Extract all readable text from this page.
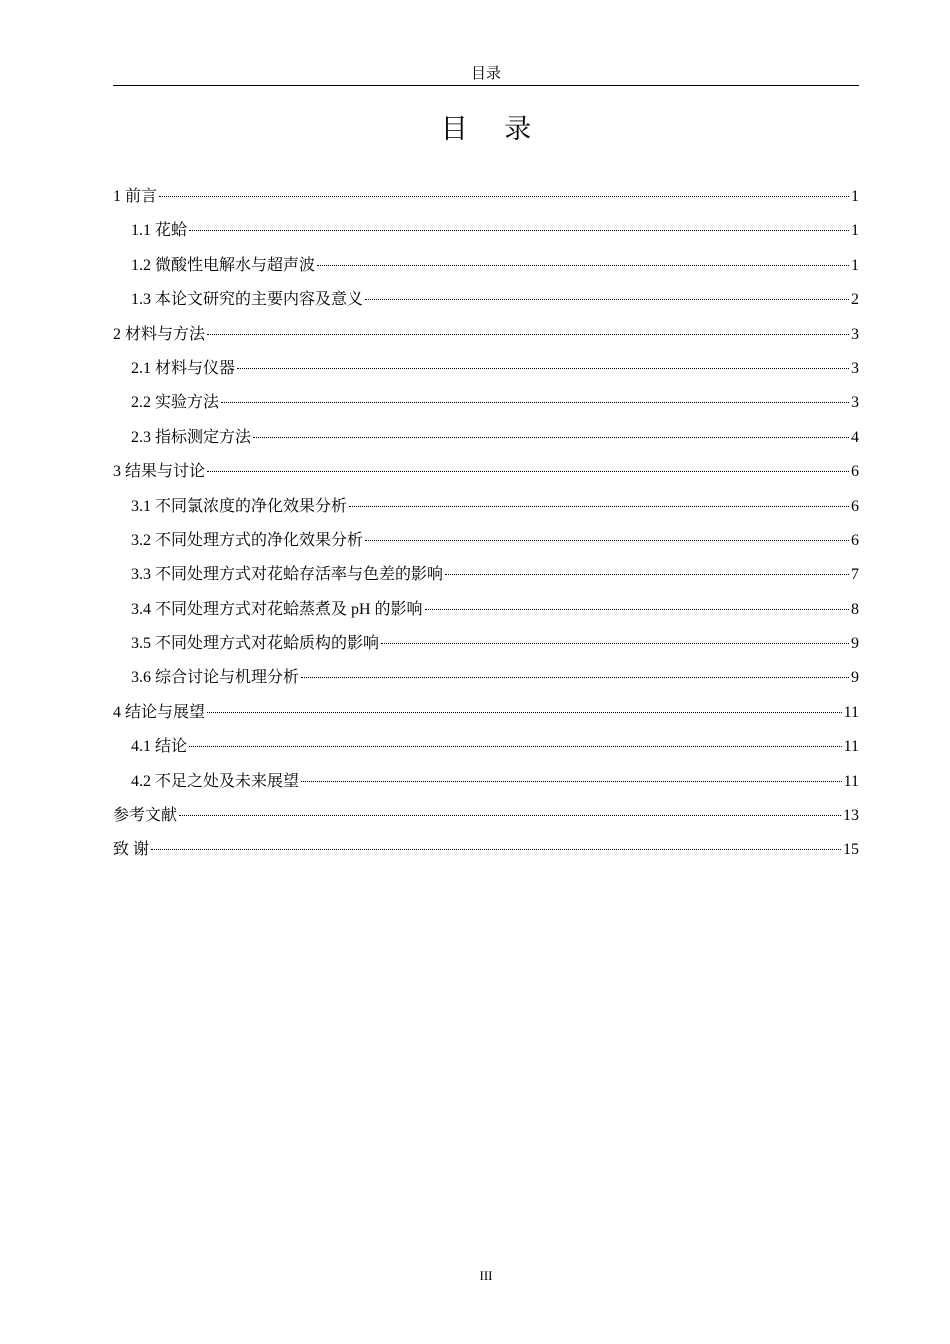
目录
目 录
1 前言	1
1.1 花蛤	1
1.2 微酸性电解水与超声波	1
1.3 本论文研究的主要内容及意义	2
2 材料与方法	3
2.1 材料与仪器	3
2.2 实验方法	3
2.3 指标测定方法	4
3 结果与讨论	6
3.1 不同氯浓度的净化效果分析	6
3.2 不同处理方式的净化效果分析	6
3.3 不同处理方式对花蛤存活率与色差的影响	7
3.4 不同处理方式对花蛤蒸煮及 pH 的影响	8
3.5 不同处理方式对花蛤质构的影响	9
3.6 综合讨论与机理分析	9
4 结论与展望	11
4.1 结论	11
4.2 不足之处及未来展望	11
参考文献	13
致 谢	15
III
